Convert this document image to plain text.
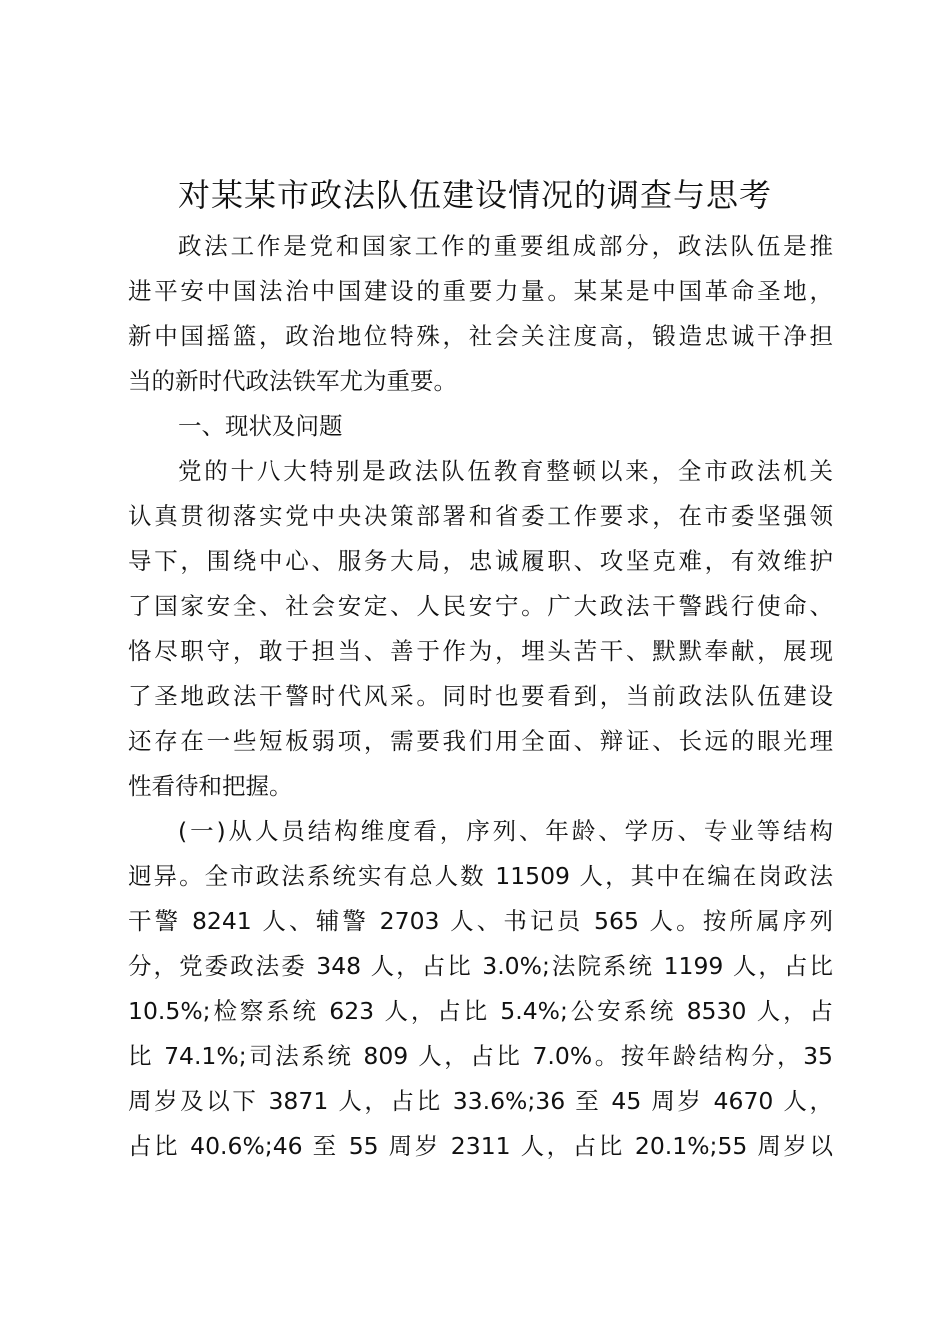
对某某市政法队伍建设情况的调查与思考
政法工作是党和国家工作的重要组成部分，政法队伍是推
进平安中国法治中国建设的重要力量。某某是中国革命圣地，
新中国摇篮，政治地位特殊，社会关注度高，锻造忠诚干净担
当的新时代政法铁军尤为重要。
一、现状及问题
党的十八大特别是政法队伍教育整顿以来，全市政法机关
认真贯彻落实党中央决策部署和省委工作要求，在市委坚强领
导下，围绕中心、服务大局，忠诚履职、攻坚克难，有效维护
了国家安全、社会安定、人民安宁。广大政法干警践行使命、
恪尽职守，敢于担当、善于作为，埋头苦干、默默奉献，展现
了圣地政法干警时代风采。同时也要看到，当前政法队伍建设
还存在一些短板弱项，需要我们用全面、辩证、长远的眼光理
性看待和把握。
(一)从人员结构维度看，序列、年龄、学历、专业等结构
迥异。全市政法系统实有总人数 11509 人，其中在编在岗政法
干警 8241 人、辅警 2703 人、书记员 565 人。按所属序列
分，党委政法委 348 人，占比 3.0%;法院系统 1199 人，占比
10.5%;检察系统 623 人，占比 5.4%;公安系统 8530 人，占
比 74.1%;司法系统 809 人，占比 7.0%。按年龄结构分，35
周岁及以下 3871 人，占比 33.6%;36 至 45 周岁 4670 人，
占比 40.6%;46 至 55 周岁 2311 人，占比 20.1%;55 周岁以
